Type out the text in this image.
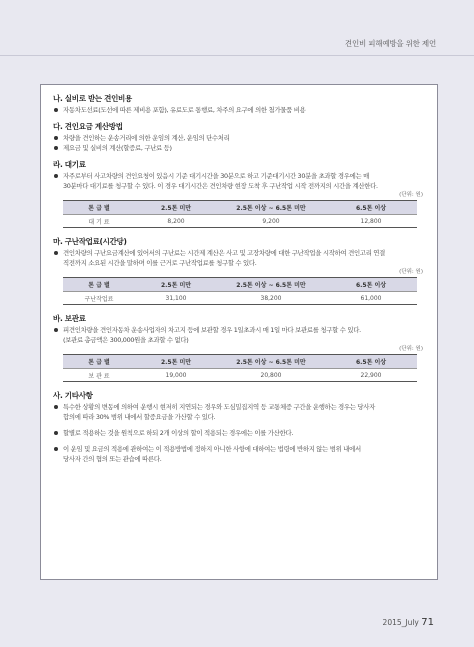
견인비 피해예방을 위한 제언
나. 실비로 받는 견인비용
자동차도선료(도선에 따른 제비용 포함), 유료도로 통행료, 차주의 요구에 의한 첨가물품 비용
다. 견인요금 계산방법
차량을 견인하는 운송거리에 의한 운임의 계산, 운임의 단수처리
제요금 및 실비의 계산(할증료, 구난료 등)
라. 대기료
자주로부터 사고차량의 견인요청이 있음시 기준 대기시간을 30분으로 하고 기준대기시간 30분을 초과할 경우에는 매
30분마다 대기료를 청구할 수 있다. 이 경우 대기시간은 견인차량 현장 도착 후 구난작업 시작 전까지의 시간을 계산한다.
(단위: 원)
톤 급 별	2.5톤 미만	2.5톤 이상 ~ 6.5톤 미만	6.5톤 이상
대 기 료	8,200	9,200	12,800
마. 구난작업료(시간당)
견인차량의 구난요금계산에 있어서의 구난료는 시간제 계산은 사고 및 고장차량에 대한 구난작업을 시작하여 견인고리 연결
직전까지 소요된 시간을 말하며 이를 근거로 구난작업료를 청구할 수 있다.
(단위: 원)
톤 급 별	2.5톤 미만	2.5톤 이상 ~ 6.5톤 미만	6.5톤 이상
구난작업료	31,100	38,200	61,000
바. 보관료
피견인차량을 견인자동차 운송사업자의 차고지 등에 보관할 경우 1일초과시 매 1일 마다 보관료를 청구할 수 있다.
(보관료 총금액은 300,000원을 초과할 수 없다)
(단위: 원)
톤 급 별	2.5톤 미만	2.5톤 이상 ~ 6.5톤 미만	6.5톤 이상
보 관 료	19,000	20,800	22,900
사. 기타사항
특수한 상황의 변동에 의하여 운행시 현저히 지연되는 경우와 도심밀집지역 등 교통체증 구간을 운행하는 경우는 당사자
합의에 따라 30% 범위 내에서 할증요금을 가산할 수 있다.
할별로 적용하는 것을 원칙으로 하되 2개 이상의 할이 적용되는 경우에는 이를 가산한다.
이 운임 및 요금의 적용에 관하여는 이 적용방법에 정하지 아니한 사항에 대하여는 법령에 반하지 않는 범위 내에서
당사자 간의 협의 또는 관습에 따른다.
2015_July 71
